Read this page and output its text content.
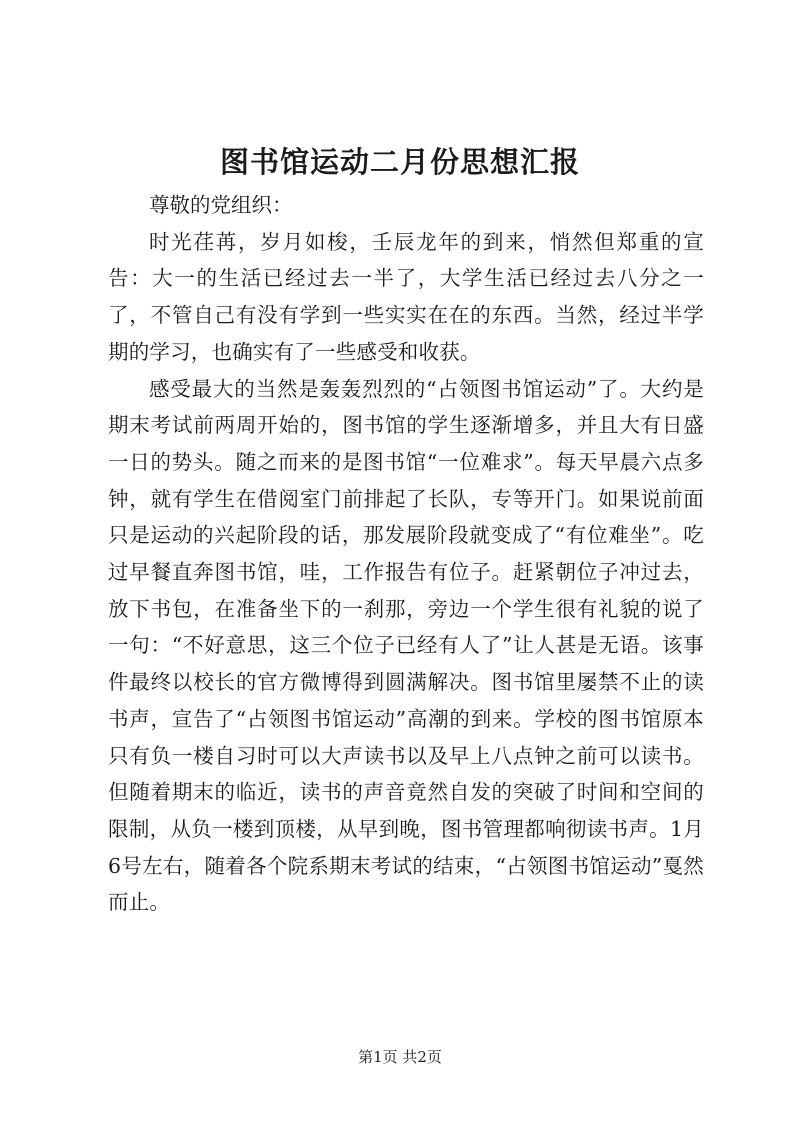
图书馆运动二月份思想汇报

尊敬的党组织：

时光荏苒，岁月如梭，壬辰龙年的到来，悄然但郑重的宣告：大一的生活已经过去一半了，大学生活已经过去八分之一了，不管自己有没有学到一些实实在在的东西。当然，经过半学期的学习，也确实有了一些感受和收获。

感受最大的当然是轰轰烈烈的“占领图书馆运动”了。大约是期末考试前两周开始的，图书馆的学生逐渐增多，并且大有日盛一日的势头。随之而来的是图书馆“一位难求”。每天早晨六点多钟，就有学生在借阅室门前排起了长队，专等开门。如果说前面只是运动的兴起阶段的话，那发展阶段就变成了“有位难坐”。吃过早餐直奔图书馆，哇，工作报告有位子。赶紧朝位子冲过去，放下书包，在准备坐下的一刹那，旁边一个学生很有礼貌的说了一句：“不好意思，这三个位子已经有人了”让人甚是无语。该事件最终以校长的官方微博得到圆满解决。图书馆里屡禁不止的读书声，宣告了“占领图书馆运动”高潮的到来。学校的图书馆原本只有负一楼自习时可以大声读书以及早上八点钟之前可以读书。但随着期末的临近，读书的声音竟然自发的突破了时间和空间的限制，从负一楼到顶楼，从早到晚，图书管理都响彻读书声。1月6号左右，随着各个院系期末考试的结束，“占领图书馆运动”戛然而止。

第1页 共2页
